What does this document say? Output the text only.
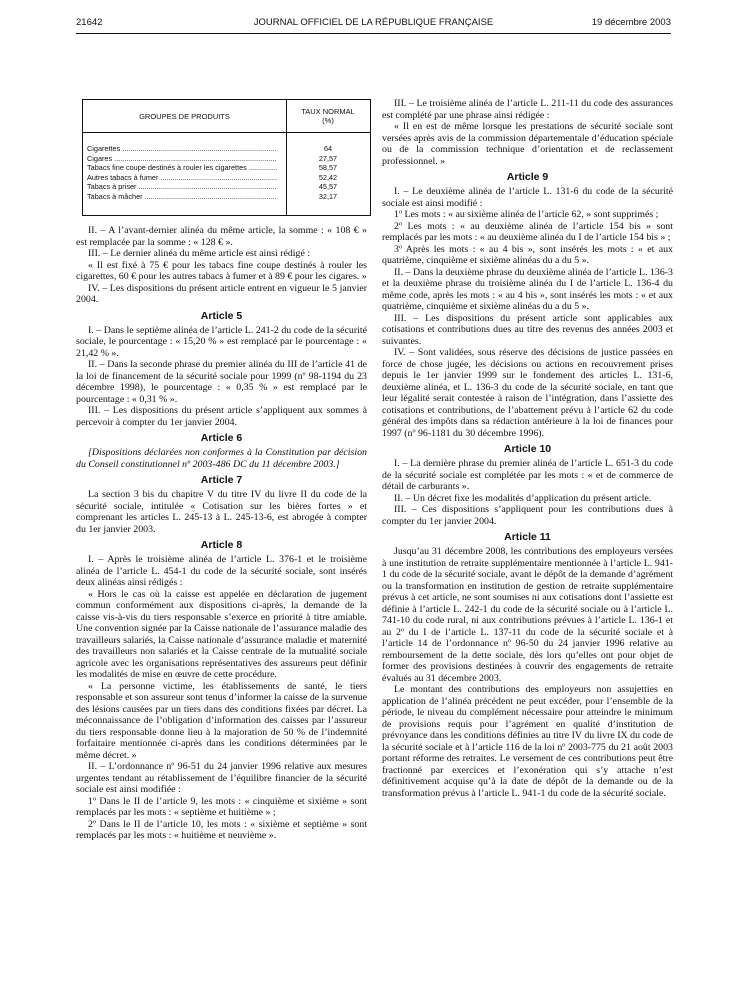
21642	JOURNAL OFFICIEL DE LA RÉPUBLIQUE FRANÇAISE	19 décembre 2003
GROUPES DE PRODUITS
TAUX NORMAL
(%)
Cigarettes .....	64
Cigares .....	27,57
Tabacs fine coupe destinés à rouler les cigarettes .....	58,57
Autres tabacs à fumer .....	52,42
Tabacs à priser .....	45,57
Tabacs à mâcher .....	32,17

II. – A l’avant-dernier alinéa du même article, la somme : « 108 € » est remplacée par la somme : « 128 € ».

III. – Le dernier alinéa du même article est ainsi rédigé :

« Il est fixé à 75 € pour les tabacs fine coupe destinés à rouler les cigarettes, 60 € pour les autres tabacs à fumer et à 89 € pour les cigares. »

IV. – Les dispositions du présent article entrent en vigueur le 5 janvier 2004.

Article 5

I. – Dans le septième alinéa de l’article L. 241-2 du code de la sécurité sociale, le pourcentage : « 15,20 % » est remplacé par le pourcentage : « 21,42 % ».

II. – Dans la seconde phrase du premier alinéa du III de l’article 41 de la loi de financement de la sécurité sociale pour 1999 (nº 98-1194 du 23 décembre 1998), le pourcentage : « 0,35 % » est remplacé par le pourcentage : « 0,31 % ».

III. – Les dispositions du présent article s’appliquent aux sommes à percevoir à compter du 1er janvier 2004.

Article 6

[Dispositions déclarées non conformes à la Constitution par décision du Conseil constitutionnel nº 2003-486 DC du 11 décembre 2003.]

Article 7

La section 3 bis du chapitre V du titre IV du livre II du code de la sécurité sociale, intitulée « Cotisation sur les bières fortes » et comprenant les articles L. 245-13 à L. 245-13-6, est abrogée à compter du 1er janvier 2003.

Article 8

I. – Après le troisième alinéa de l’article L. 376-1 et le troisième alinéa de l’article L. 454-1 du code de la sécurité sociale, sont insérés deux alinéas ainsi rédigés :

« Hors le cas où la caisse est appelée en déclaration de jugement commun conformément aux dispositions ci-après, la demande de la caisse vis-à-vis du tiers responsable s’exerce en priorité à titre amiable. Une convention signée par la Caisse nationale de l’assurance maladie des travailleurs salariés, la Caisse nationale d’assurance maladie et maternité des travailleurs non salariés et la Caisse centrale de la mutualité sociale agricole avec les organisations représentatives des assureurs peut définir les modalités de mise en œuvre de cette procédure.

« La personne victime, les établissements de santé, le tiers responsable et son assureur sont tenus d’informer la caisse de la survenue des lésions causées par un tiers dans des conditions fixées par décret. La méconnaissance de l’obligation d’information des caisses par l’assureur du tiers responsable donne lieu à la majoration de 50 % de l’indemnité forfaitaire mentionnée ci-après dans les conditions déterminées par le même décret. »

II. – L’ordonnance nº 96-51 du 24 janvier 1996 relative aux mesures urgentes tendant au rétablissement de l’équilibre financier de la sécurité sociale est ainsi modifiée :

1º Dans le II de l’article 9, les mots : « cinquième et sixième » sont remplacés par les mots : « septième et huitième » ;

2º Dans le II de l’article 10, les mots : « sixième et septième » sont remplacés par les mots : « huitième et neuvième ».

III. – Le troisième alinéa de l’article L. 211-11 du code des assurances est complété par une phrase ainsi rédigée :

« Il en est de même lorsque les prestations de sécurité sociale sont versées après avis de la commission départementale d’éducation spéciale ou de la commission technique d’orientation et de reclassement professionnel. »

Article 9

I. – Le deuxième alinéa de l’article L. 131-6 du code de la sécurité sociale est ainsi modifié :

1º Les mots : « au sixième alinéa de l’article 62, » sont supprimés ;

2º Les mots : « au deuxième alinéa de l’article 154 bis » sont remplacés par les mots : « au deuxième alinéa du I de l’article 154 bis » ;

3º Après les mots : « au 4 bis », sont insérés les mots : « et aux quatrième, cinquième et sixième alinéas du a du 5 ».

II. – Dans la deuxième phrase du deuxième alinéa de l’article L. 136-3 et la deuxième phrase du troisième alinéa du I de l’article L. 136-4 du même code, après les mots : « au 4 bis », sont insérés les mots : « et aux quatrième, cinquième et sixième alinéas du a du 5 ».

III. – Les dispositions du présent article sont applicables aux cotisations et contributions dues au titre des revenus des années 2003 et suivantes.

IV. – Sont validées, sous réserve des décisions de justice passées en force de chose jugée, les décisions ou actions en recouvrement prises depuis le 1er janvier 1999 sur le fondement des articles L. 131-6, deuxième alinéa, et L. 136-3 du code de la sécurité sociale, en tant que leur légalité serait contestée à raison de l’intégration, dans l’assiette des cotisations et contributions, de l’abattement prévu à l’article 62 du code général des impôts dans sa rédaction antérieure à la loi de finances pour 1997 (nº 96-1181 du 30 décembre 1996).

Article 10

I. – La dernière phrase du premier alinéa de l’article L. 651-3 du code de la sécurité sociale est complétée par les mots : « et de commerce de détail de carburants ».

II. – Un décret fixe les modalités d’application du présent article.

III. – Ces dispositions s’appliquent pour les contributions dues à compter du 1er janvier 2004.

Article 11

Jusqu’au 31 décembre 2008, les contributions des employeurs versées à une institution de retraite supplémentaire mentionnée à l’article L. 941-1 du code de la sécurité sociale, avant le dépôt de la demande d’agrément ou la transformation en institution de gestion de retraite supplémentaire prévus à cet article, ne sont soumises ni aux cotisations dont l’assiette est définie à l’article L. 242-1 du code de la sécurité sociale ou à l’article L. 741-10 du code rural, ni aux contributions prévues à l’article L. 136-1 et au 2º du I de l’article L. 137-11 du code de la sécurité sociale et à l’article 14 de l’ordonnance nº 96-50 du 24 janvier 1996 relative au remboursement de la dette sociale, dès lors qu’elles ont pour objet de former des provisions destinées à couvrir des engagements de retraite évalués au 31 décembre 2003.

Le montant des contributions des employeurs non assujetties en application de l’alinéa précédent ne peut excéder, pour l’ensemble de la période, le niveau du complément nécessaire pour atteindre le minimum de provisions requis pour l’agrément en qualité d’institution de prévoyance dans les conditions définies au titre IV du livre IX du code de la sécurité sociale et à l’article 116 de la loi nº 2003-775 du 21 août 2003 portant réforme des retraites. Le versement de ces contributions peut être fractionné par exercices et l’exonération qui s’y attache n’est définitivement acquise qu’à la date de dépôt de la demande ou de la transformation prévus à l’article L. 941-1 du code de la sécurité sociale.
